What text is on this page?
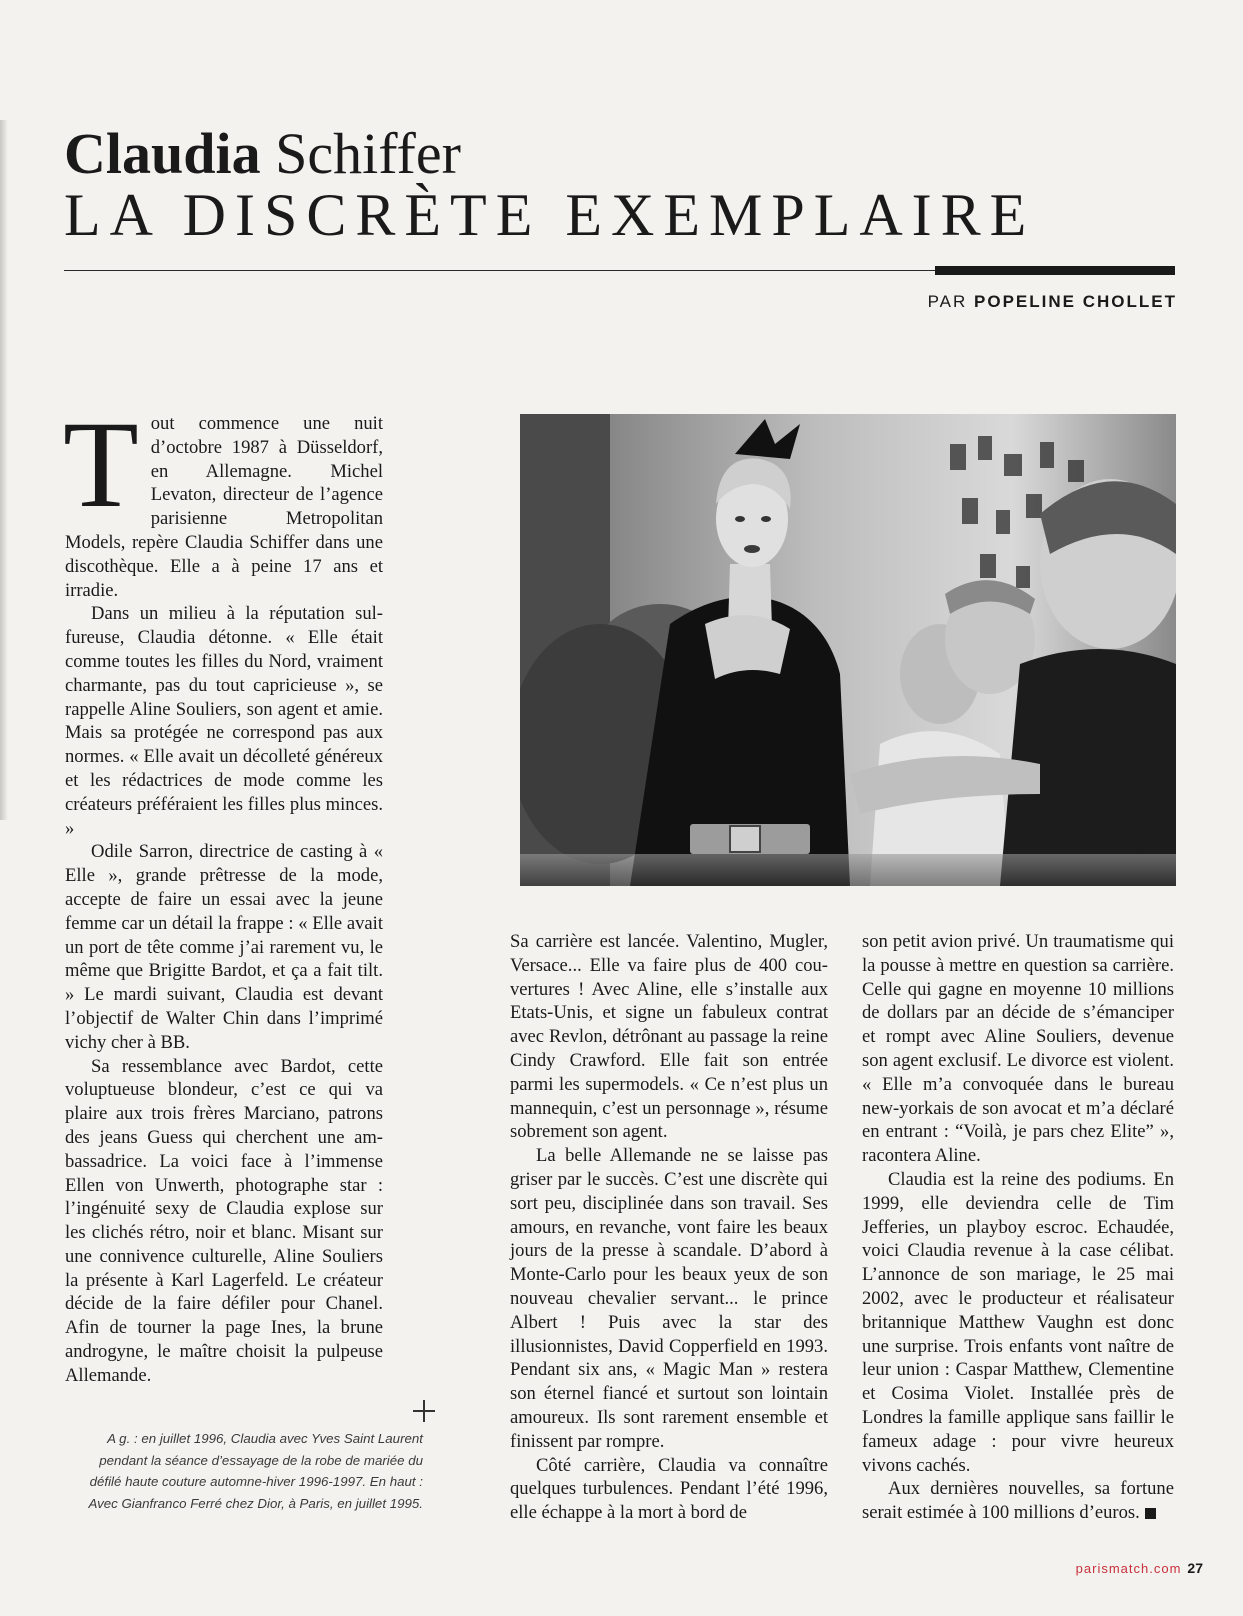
Claudia Schiffer
LA DISCRÈTE EXEMPLAIRE
PAR POPELINE CHOLLET
T out commence une nuit d’octobre 1987 à Düsseldorf, en Allemagne. Michel Levaton, directeur de l’agence parisienne Metropolitan Models, repère Claudia Schiffer dans une discothèque. Elle a à peine 17 ans et irradie.

Dans un milieu à la réputation sulfureuse, Claudia détonne. « Elle était comme toutes les filles du Nord, vraiment charmante, pas du tout capricieuse », se rappelle Aline Souliers, son agent et amie. Mais sa protégée ne correspond pas aux normes. « Elle avait un décolleté généreux et les rédactrices de mode comme les créateurs préféraient les filles plus minces. »

Odile Sarron, directrice de casting à « Elle », grande prêtresse de la mode, accepte de faire un essai avec la jeune femme car un détail la frappe : « Elle avait un port de tête comme j’ai rarement vu, le même que Brigitte Bardot, et ça a fait tilt. » Le mardi suivant, Claudia est devant l’objectif de Walter Chin dans l’imprimé vichy cher à BB.

Sa ressemblance avec Bardot, cette voluptueuse blondeur, c’est ce qui va plaire aux trois frères Marciano, patrons des jeans Guess qui cherchent une ambassadrice. La voici face à l’immense Ellen von Unwerth, photographe star : l’ingénuité sexy de Claudia explose sur les clichés rétro, noir et blanc. Misant sur une connivence culturelle, Aline Souliers la présente à Karl Lagerfeld. Le créateur décide de la faire défiler pour Chanel. Afin de tourner la page Ines, la brune androgyne, le maître choisit la pulpeuse Allemande.

Sa carrière est lancée. Valentino, Mugler, Versace... Elle va faire plus de 400 couvertures ! Avec Aline, elle s’installe aux Etats-Unis, et signe un fabuleux contrat avec Revlon, détrônant au passage la reine Cindy Crawford. Elle fait son entrée parmi les supermodels. « Ce n’est plus un mannequin, c’est un personnage », résume sobrement son agent.

La belle Allemande ne se laisse pas griser par le succès. C’est une discrète qui sort peu, disciplinée dans son travail. Ses amours, en revanche, vont faire les beaux jours de la presse à scandale. D’abord à Monte-Carlo pour les beaux yeux de son nouveau chevalier servant... le prince Albert ! Puis avec la star des illusionnistes, David Copperfield en 1993. Pendant six ans, « Magic Man » restera son éternel fiancé et surtout son lointain amoureux. Ils sont rarement ensemble et finissent par rompre.

Côté carrière, Claudia va connaître quelques turbulences. Pendant l’été 1996, elle échappe à la mort à bord de

son petit avion privé. Un traumatisme qui la pousse à mettre en question sa carrière. Celle qui gagne en moyenne 10 millions de dollars par an décide de s’émanciper et rompt avec Aline Souliers, devenue son agent exclusif. Le divorce est violent. « Elle m’a convoquée dans le bureau new-yorkais de son avocat et m’a déclaré en entrant : “Voilà, je pars chez Elite” », racontera Aline.

Claudia est la reine des podiums. En 1999, elle deviendra celle de Tim Jefferies, un playboy escroc. Echaudée, voici Claudia revenue à la case célibat. L’annonce de son mariage, le 25 mai 2002, avec le producteur et réalisateur britannique Matthew Vaughn est donc une surprise. Trois enfants vont naître de leur union : Caspar Matthew, Clementine et Cosima Violet. Installée près de Londres la famille applique sans faillir le fameux adage : pour vivre heureux vivons cachés.

Aux dernières nouvelles, sa fortune serait estimée à 100 millions d’euros.

A g. : en juillet 1996, Claudia avec Yves Saint Laurent pendant la séance d’essayage de la robe de mariée du défilé haute couture automne-hiver 1996-1997. En haut : Avec Gianfranco Ferré chez Dior, à Paris, en juillet 1995.
parismatch.com 27
